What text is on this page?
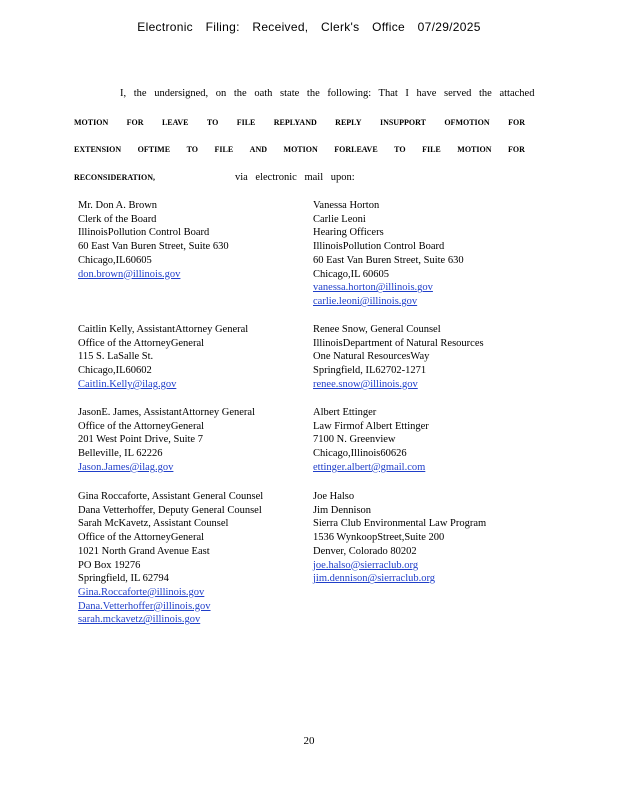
Electronic Filing: Received, Clerk's Office 07/29/2025
I, the undersigned, on the oath state the following: That I have served the attached
MOTION FOR LEAVE TO FILE REPLYAND REPLY INSUPPORT OFMOTION FOR
EXTENSION OFTIME TO FILE AND MOTION FORLEAVE TO FILE MOTION FOR
RECONSIDERATION,	via electronic mail upon:
Mr. Don A. Brown
Clerk of the Board
IllinoisPollution Control Board
60 East Van Buren Street, Suite 630
Chicago,IL60605
don.brown@illinois.gov
Caitlin Kelly, AssistantAttorney General
Office of the AttorneyGeneral
115 S. LaSalle St.
Chicago,IL60602
Caitlin.Kelly@ilag.gov
JasonE. James, AssistantAttorney General
Office of the AttorneyGeneral
201 West Point Drive, Suite 7
Belleville, IL 62226
Jason.James@ilag.gov
Gina Roccaforte, Assistant General Counsel
Dana Vetterhoffer, Deputy General Counsel
Sarah McKavetz, Assistant Counsel
Office of the AttorneyGeneral
1021 North Grand Avenue East
PO Box 19276
Springfield, IL 62794
Gina.Roccaforte@illinois.gov
Dana.Vetterhoffer@illinois.gov
sarah.mckavetz@illinois.gov
Vanessa Horton
Carlie Leoni
Hearing Officers
IllinoisPollution Control Board
60 East Van Buren Street, Suite 630
Chicago,IL 60605
vanessa.horton@illinois.gov
carlie.leoni@illinois.gov
Renee Snow, General Counsel
IllinoisDepartment of Natural Resources
One Natural ResourcesWay
Springfield, IL62702-1271
renee.snow@illinois.gov
Albert Ettinger
Law Firmof Albert Ettinger
7100 N. Greenview
Chicago,Illinois60626
ettinger.albert@gmail.com
Joe Halso
Jim Dennison
Sierra Club Environmental Law Program
1536 WynkoopStreet,Suite 200
Denver, Colorado 80202
joe.halso@sierraclub.org
jim.dennison@sierraclub.org
20
